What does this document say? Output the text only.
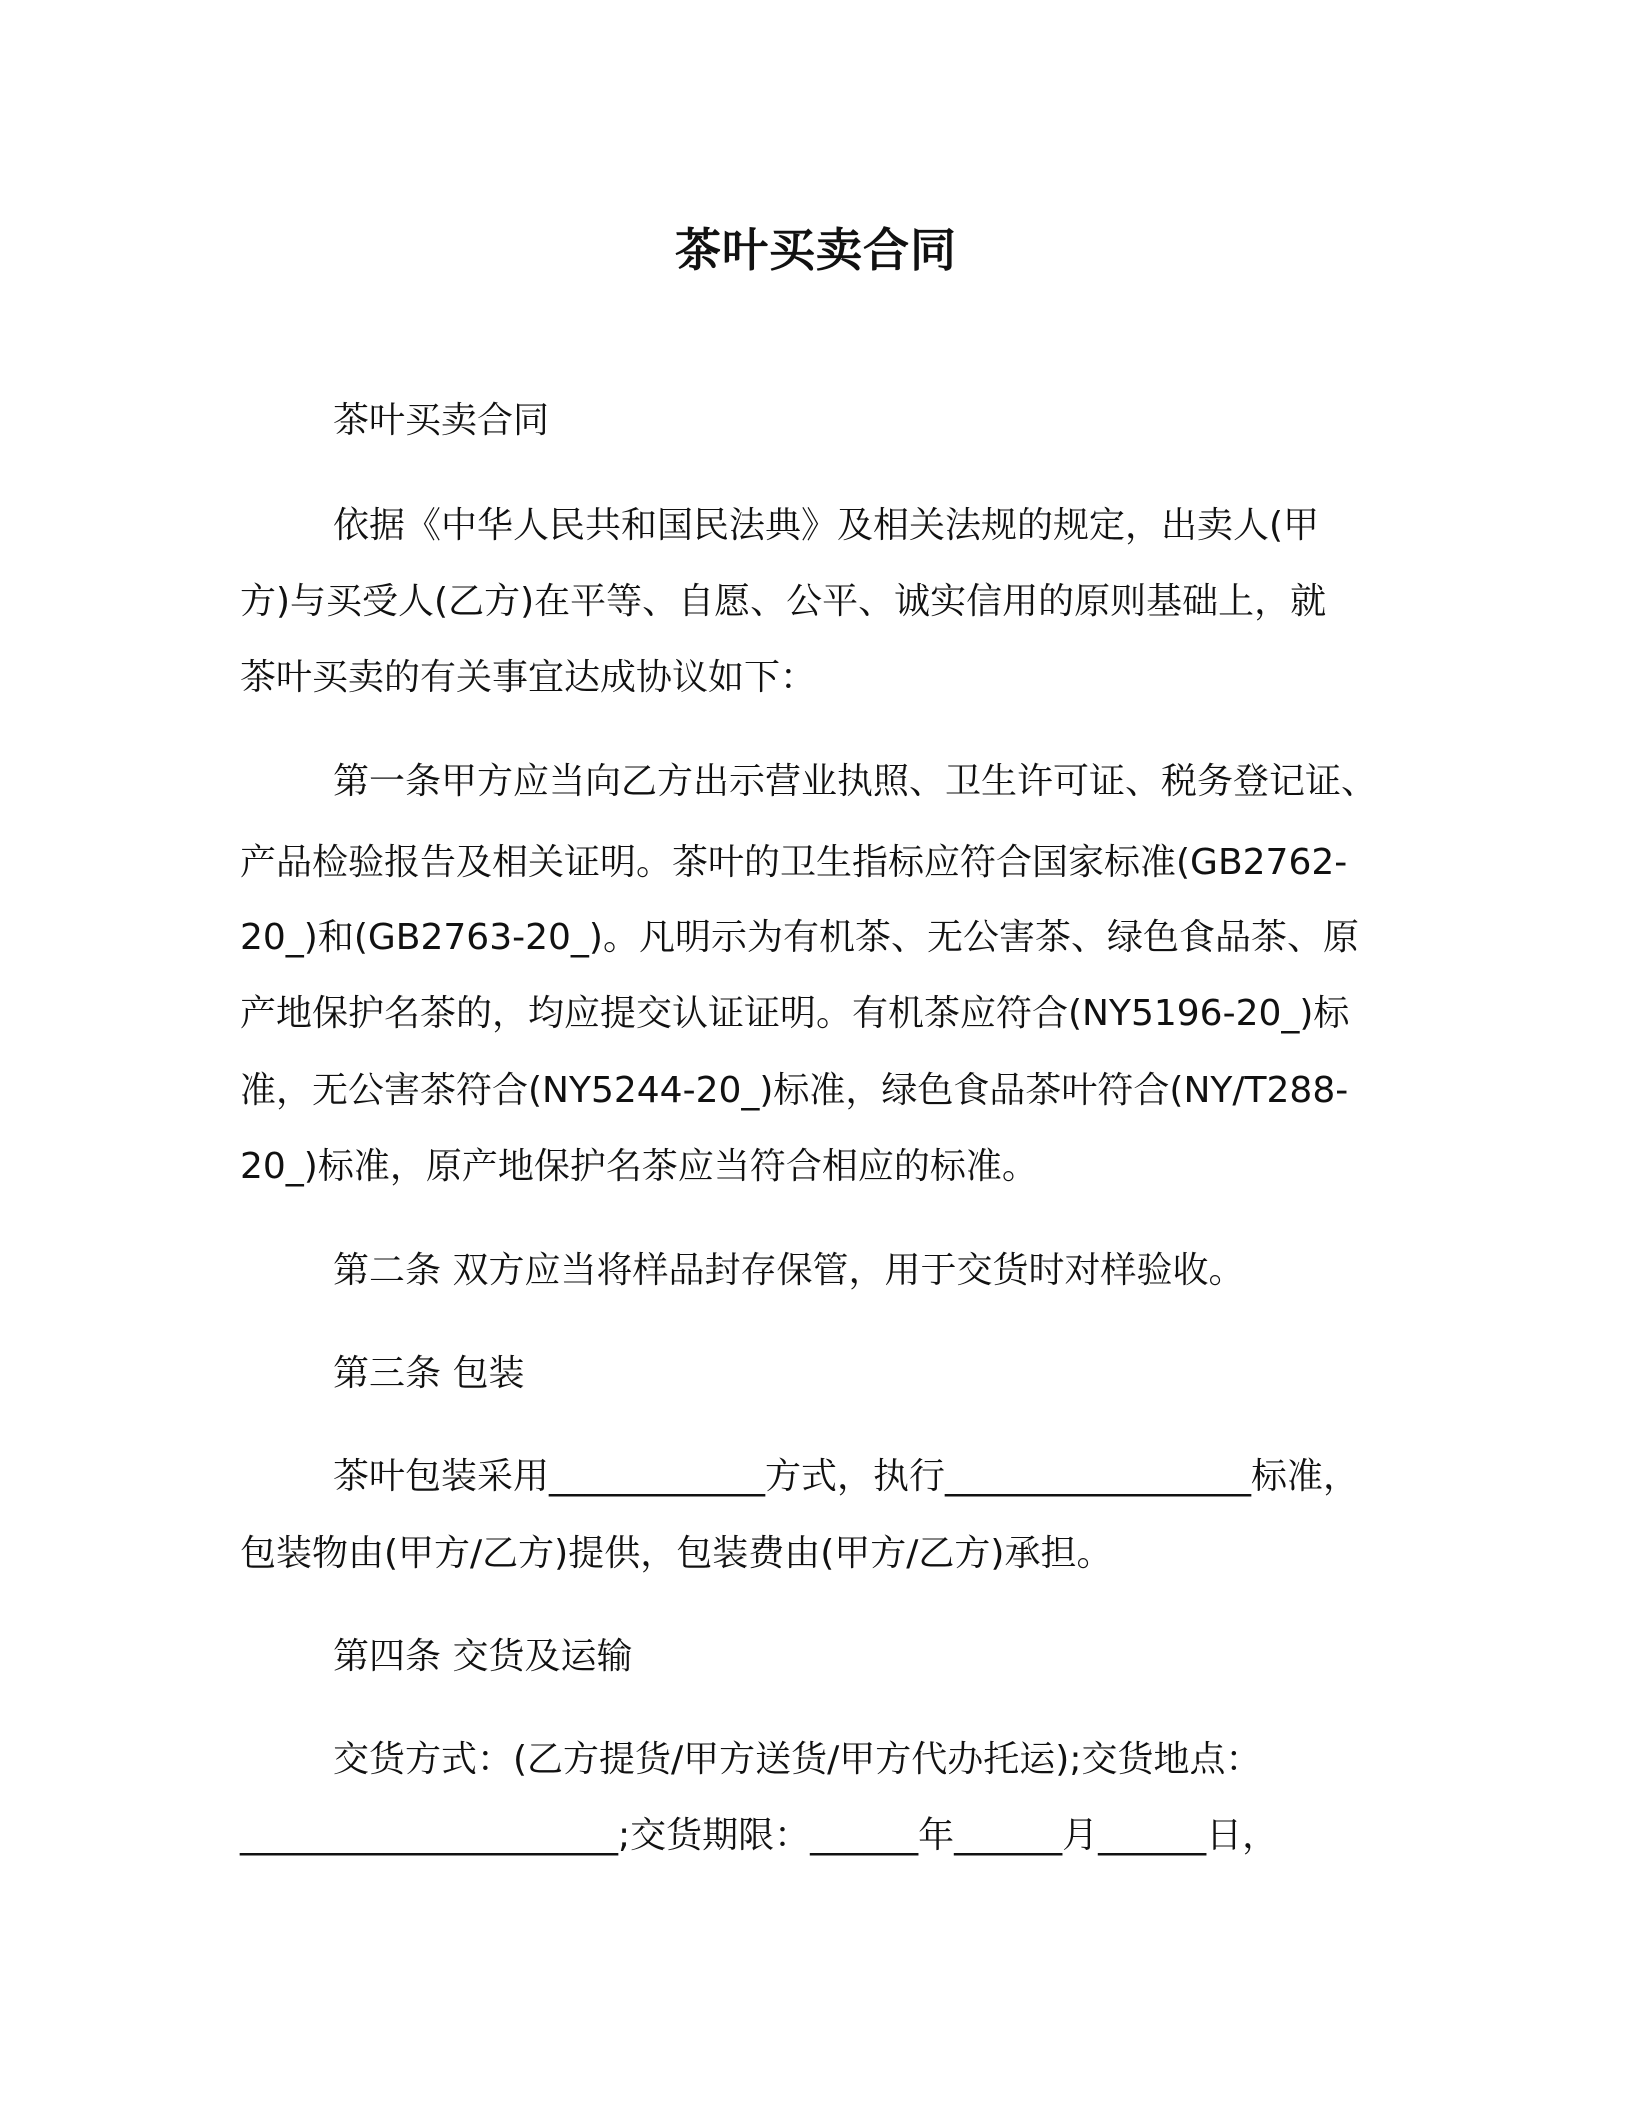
茶叶买卖合同
茶叶买卖合同
依据《中华人民共和国民法典》及相关法规的规定，出卖人(甲
方)与买受人(乙方)在平等、自愿、公平、诚实信用的原则基础上，就
茶叶买卖的有关事宜达成协议如下：
第一条甲方应当向乙方出示营业执照、卫生许可证、税务登记证、
产品检验报告及相关证明。茶叶的卫生指标应符合国家标准(GB2762-
20_)和(GB2763-20_)。凡明示为有机茶、无公害茶、绿色食品茶、原
产地保护名茶的，均应提交认证证明。有机茶应符合(NY5196-20_)标
准，无公害茶符合(NY5244-20_)标准，绿色食品茶叶符合(NY/T288-
20_)标准，原产地保护名茶应当符合相应的标准。
第二条 双方应当将样品封存保管，用于交货时对样验收。
第三条 包装
茶叶包装采用____________方式，执行_________________标准，
包装物由(甲方/乙方)提供，包装费由(甲方/乙方)承担。
第四条 交货及运输
交货方式：(乙方提货/甲方送货/甲方代办托运);交货地点：
_____________________;交货期限：______年______月______日，
